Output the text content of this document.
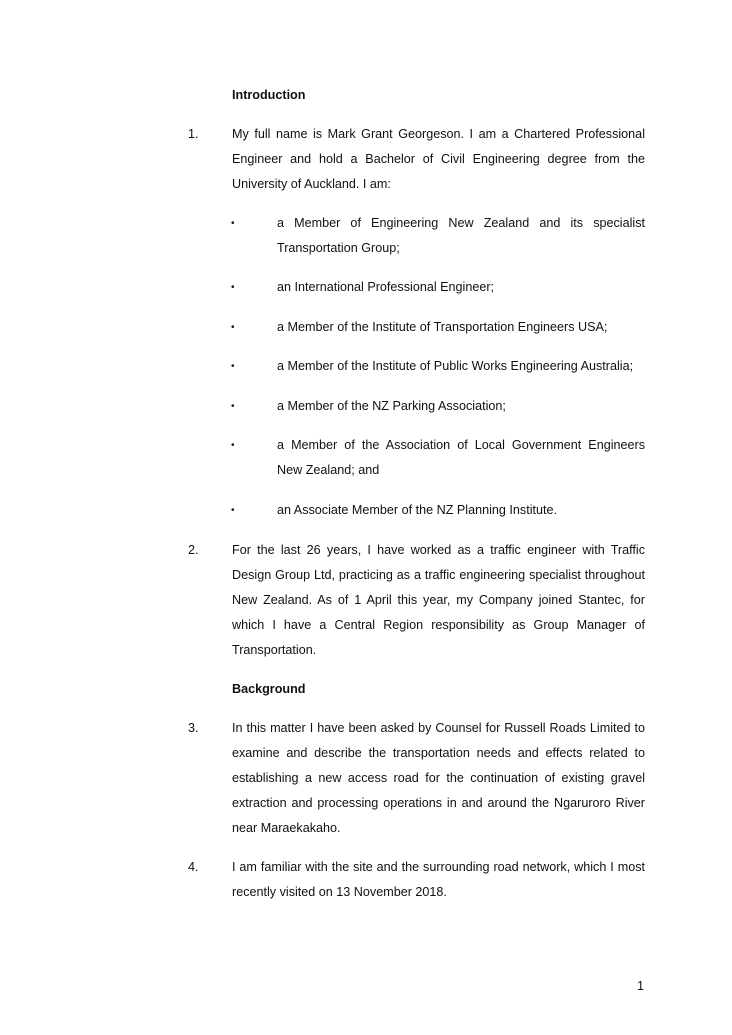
Introduction
1.	My full name is Mark Grant Georgeson. I am a Chartered Professional Engineer and hold a Bachelor of Civil Engineering degree from the University of Auckland. I am:
•	a Member of Engineering New Zealand and its specialist Transportation Group;
•	an International Professional Engineer;
•	a Member of the Institute of Transportation Engineers USA;
•	a Member of the Institute of Public Works Engineering Australia;
•	a Member of the NZ Parking Association;
•	a Member of the Association of Local Government Engineers New Zealand; and
•	an Associate Member of the NZ Planning Institute.
2.	For the last 26 years, I have worked as a traffic engineer with Traffic Design Group Ltd, practicing as a traffic engineering specialist throughout New Zealand. As of 1 April this year, my Company joined Stantec, for which I have a Central Region responsibility as Group Manager of Transportation.
Background
3.	In this matter I have been asked by Counsel for Russell Roads Limited to examine and describe the transportation needs and effects related to establishing a new access road for the continuation of existing gravel extraction and processing operations in and around the Ngaruroro River near Maraekakaho.
4.	I am familiar with the site and the surrounding road network, which I most recently visited on 13 November 2018.
1
